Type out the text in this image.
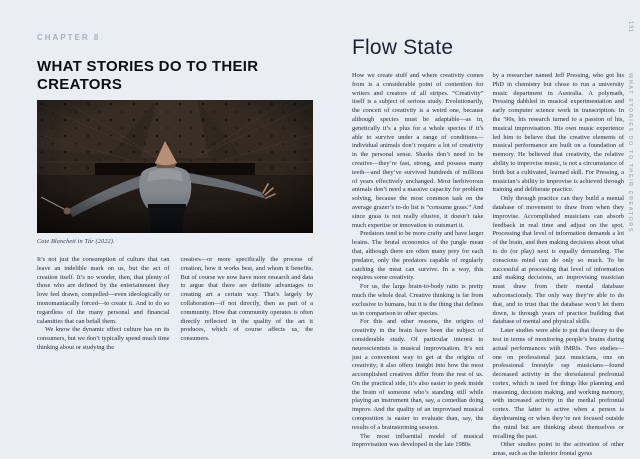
CHAPTER 8
WHAT STORIES DO TO THEIR CREATORS
Cate Blanchett in Tár (2022).

It’s not just the consumption of culture that can leave an indelible mark on us, but the act of creation itself. It’s no wonder, then, that plenty of those who are defined by the entertainment they love feel drawn, compelled—even ideologically or monomaniacally forced—to create it. And to do so regardless of the many personal and financial calamities that can befall them.

We know the dynamic effect culture has on its consumers, but we don’t typically spend much time thinking about or studying the

creators—or more specifically the process of creation, how it works best, and whom it benefits. But of course we now have more research and data to argue that there are definite advantages to creating art a certain way. That’s largely by collaboration—if not directly, then as part of a community. How that community operates is often directly reflected in the quality of the art it produces, which of course affects us, the consumers.

Flow State

How we create stuff and where creativity comes from is a considerable point of contention for writers and creators of all stripes. “Creativity” itself is a subject of serious study. Evolutionarily, the conceit of creativity is a weird one, because although species must be adaptable—as in, genetically it’s a plus for a whole species if it’s able to survive under a range of conditions—individual animals don’t require a lot of creativity in the personal sense. Sharks don’t need to be creative—they’re fast, strong, and possess many teeth—and they’ve survived hundreds of millions of years effectively unchanged. Most herbivorous animals don’t need a massive capacity for problem solving, because the most common task on the average grazer’s to-do list is “consume grass.” And since grass is not really elusive, it doesn’t take much expertise or innovation to outsmart it.

Predators tend to be more crafty and have larger brains. The brutal economics of the jungle mean that, although there are often many prey for each predator, only the predators capable of regularly catching the meat can survive. In a way, this requires some creativity.

For us, the large brain-to-body ratio is pretty much the whole deal. Creative thinking is far from exclusive to humans, but it is the thing that defines us in comparison to other species.

For this and other reasons, the origins of creativity in the brain have been the subject of considerable study. Of particular interest to neuroscientists is musical improvisation. It’s not just a convenient way to get at the origins of creativity; it also offers insight into how the most accomplished creatives differ from the rest of us. On the practical side, it’s also easier to peek inside the brain of someone who’s standing still while playing an instrument than, say, a comedian doing improv. And the quality of an improvised musical composition is easier to evaluate than, say, the results of a brainstorming session.

The most influential model of musical improvisation was developed in the late 1980s

by a researcher named Jeff Pressing, who got his PhD in chemistry but chose to run a university music department in Australia. A polymath, Pressing dabbled in musical experimentation and early computer science work in transcription. In the ’90s, his research turned to a passion of his, musical improvisation. His own music experience led him to believe that the creative elements of musical performance are built on a foundation of memory. He believed that creativity, the relative ability to improvise music, is not a circumstance of birth but a cultivated, learned skill. For Pressing, a musician’s ability to improvise is achieved through training and deliberate practice.

Only through practice can they build a mental database of movement to draw from when they improvise. Accomplished musicians can absorb feedback in real time and adjust on the spot. Processing that level of information demands a lot of the brain, and then making decisions about what to do (or play) next is equally demanding. The conscious mind can do only so much. To be successful at processing that level of information and making decisions, an improvising musician must draw from their mental database subconsciously. The only way they’re able to do that, and to trust that the database won’t let them down, is through years of practice building that database of mental and physical skills.

Later studies were able to put that theory to the test in terms of monitoring people’s brains during actual performances with fMRIs. Two studies—one on professional jazz musicians, one on professional freestyle rap musicians—found decreased activity in the dorsolateral prefrontal cortex, which is used for things like planning and reasoning, decision making, and working memory, with increased activity in the medial prefrontal cortex. The latter is active when a person is daydreaming or when they’re not focused outside the mind but are thinking about themselves or recalling the past.

Other studies point to the activation of other areas, such as the inferior frontal gyrus

131
WHAT STORIES DO TO THEIR CREATORS
